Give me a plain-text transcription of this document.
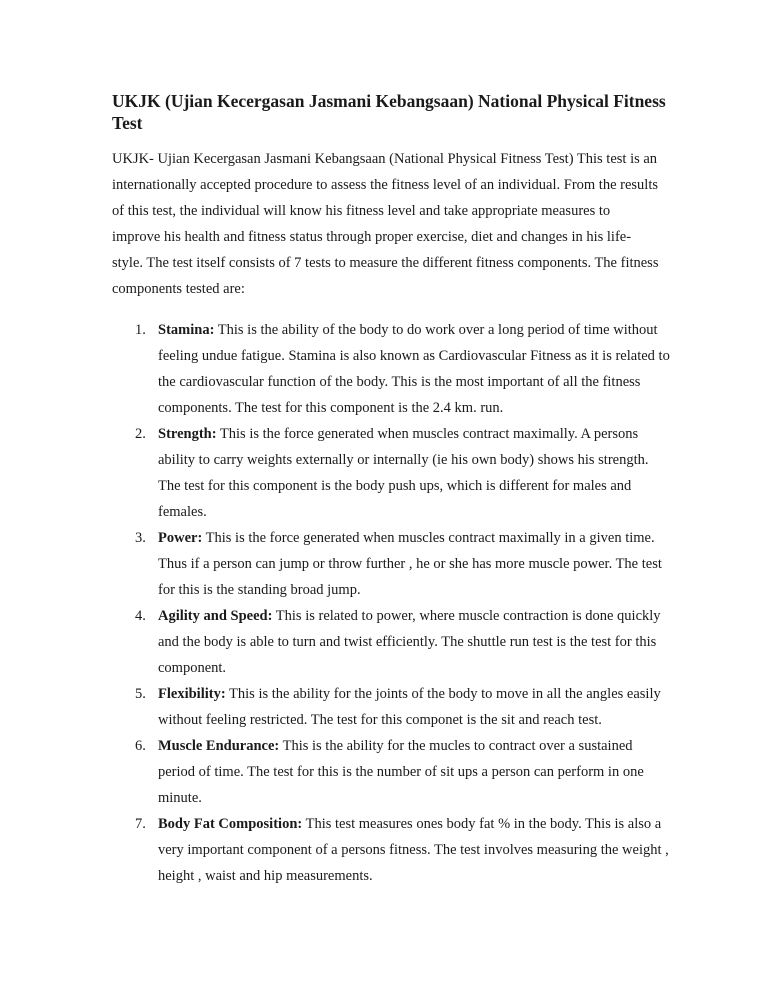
UKJK (Ujian Kecergasan Jasmani Kebangsaan) National Physical Fitness Test

UKJK- Ujian Kecergasan Jasmani Kebangsaan (National Physical Fitness Test) This test is an internationally accepted procedure to assess the fitness level of an individual. From the results of this test, the individual will know his fitness level and take appropriate measures to improve his health and fitness status through proper exercise, diet and changes in his life-style. The test itself consists of 7 tests to measure the different fitness components. The fitness components tested are:

1. Stamina: This is the ability of the body to do work over a long period of time without feeling undue fatigue. Stamina is also known as Cardiovascular Fitness as it is related to the cardiovascular function of the body. This is the most important of all the fitness components. The test for this component is the 2.4 km. run.
2. Strength: This is the force generated when muscles contract maximally. A persons ability to carry weights externally or internally (ie his own body) shows his strength. The test for this component is the body push ups, which is different for males and females.
3. Power: This is the force generated when muscles contract maximally in a given time. Thus if a person can jump or throw further , he or she has more muscle power. The test for this is the standing broad jump.
4. Agility and Speed: This is related to power, where muscle contraction is done quickly and the body is able to turn and twist efficiently. The shuttle run test is the test for this component.
5. Flexibility: This is the ability for the joints of the body to move in all the angles easily without feeling restricted. The test for this componet is the sit and reach test.
6. Muscle Endurance: This is the ability for the mucles to contract over a sustained period of time. The test for this is the number of sit ups a person can perform in one minute.
7. Body Fat Composition: This test measures ones body fat % in the body. This is also a very important component of a persons fitness. The test involves measuring the weight , height , waist and hip measurements.
